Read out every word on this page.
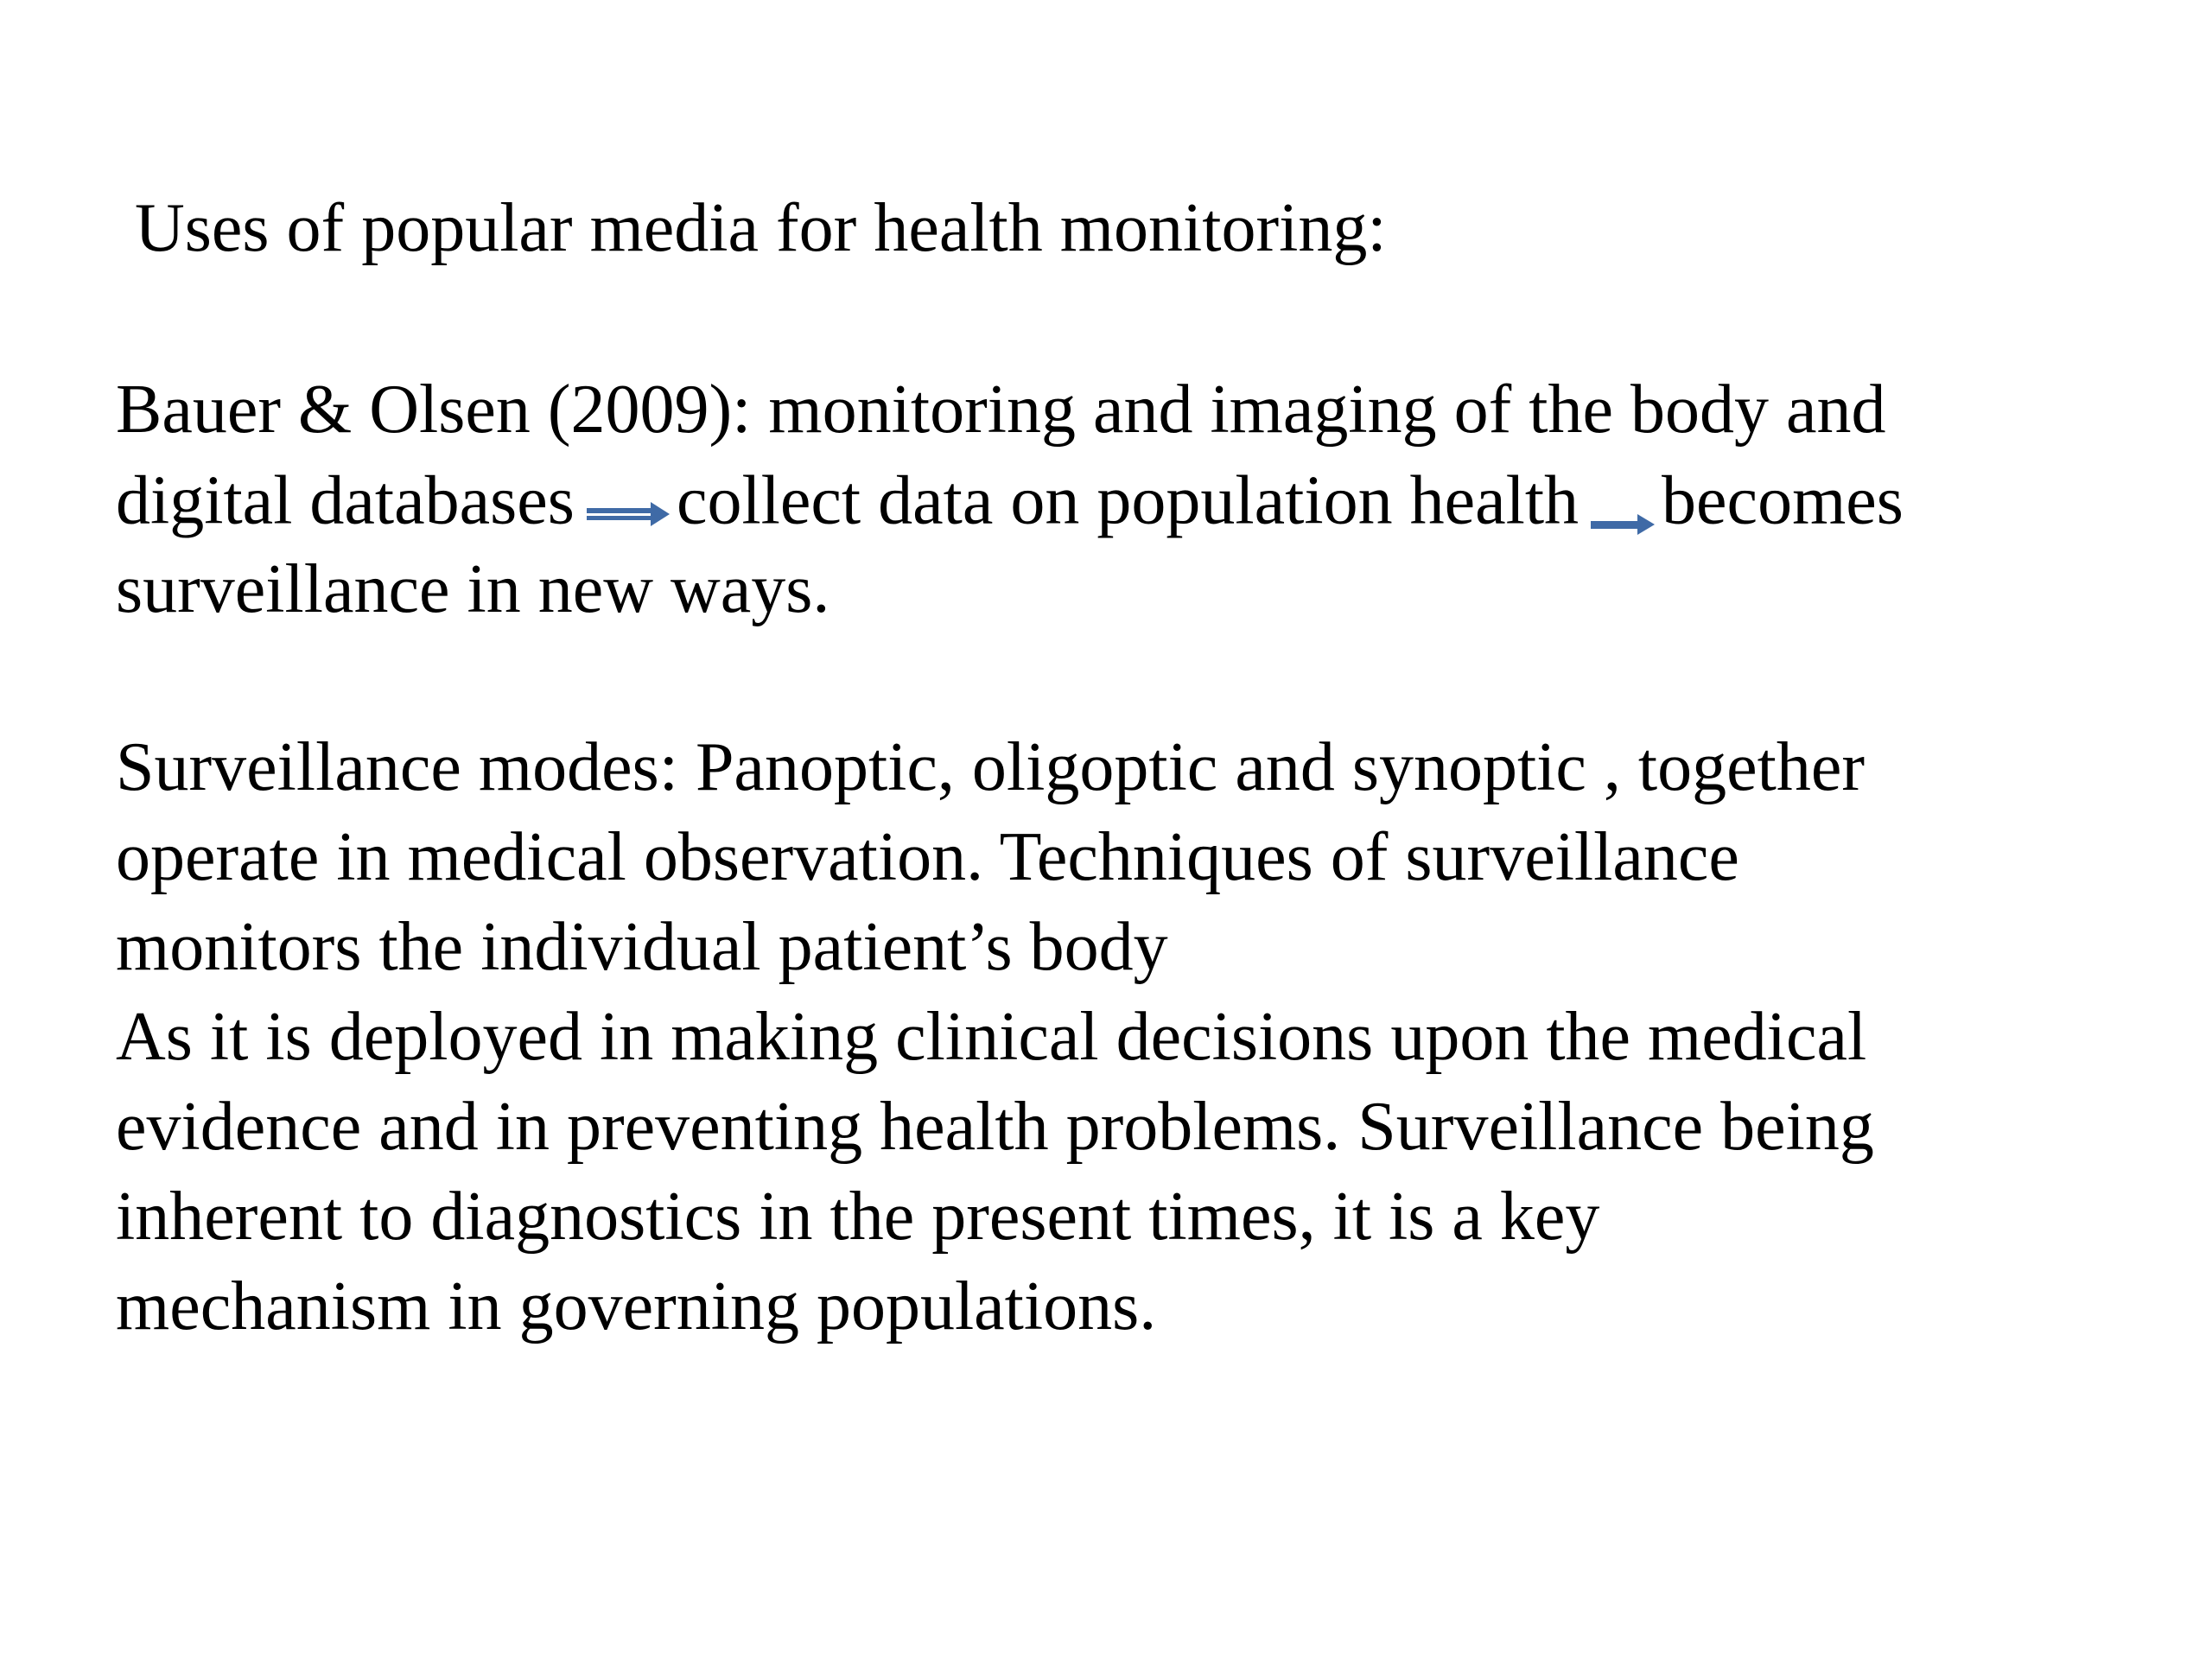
Uses of popular media for health monitoring:
Bauer & Olsen (2009): monitoring and imaging of the body and
digital databases collect data on population health becomes
surveillance in new ways.
Surveillance modes: Panoptic, oligoptic and synoptic , together
operate in medical observation. Techniques of surveillance
monitors the individual patient’s body
As it is deployed in making clinical decisions upon the medical
evidence and in preventing health problems. Surveillance being
inherent to diagnostics in the present times, it is a key
mechanism in governing populations.
